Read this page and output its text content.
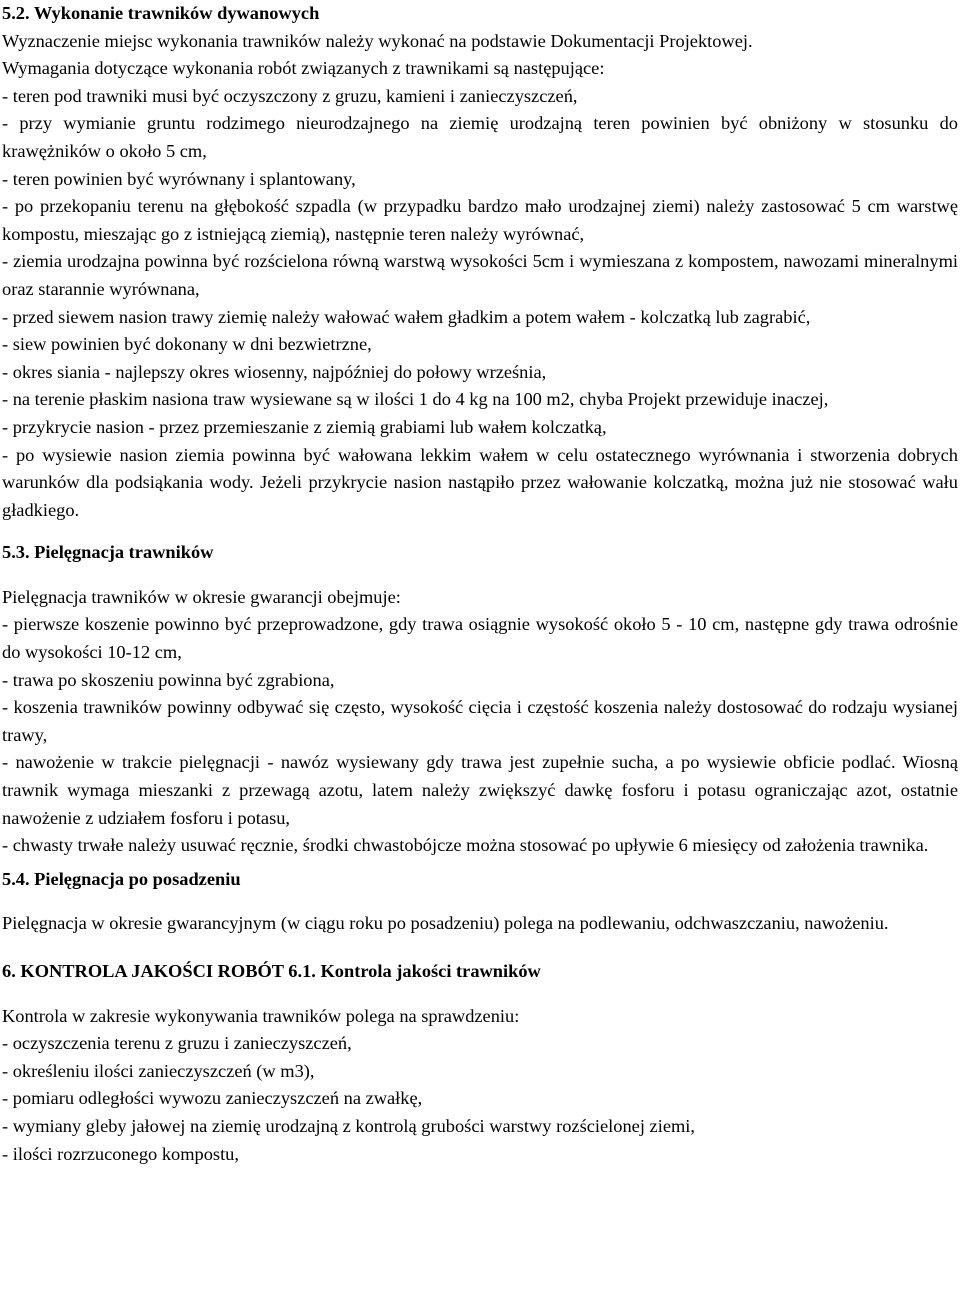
5.2. Wykonanie trawników dywanowych

Wyznaczenie miejsc wykonania trawników należy wykonać na podstawie Dokumentacji Projektowej.

Wymagania dotyczące wykonania robót związanych z trawnikami są następujące:

- teren pod trawniki musi być oczyszczony z gruzu, kamieni i zanieczyszczeń,

- przy wymianie gruntu rodzimego nieurodzajnego na ziemię urodzajną teren powinien być obniżony w stosunku do krawężników o około 5 cm,

- teren powinien być wyrównany i splantowany,

- po przekopaniu terenu na głębokość szpadla (w przypadku bardzo mało urodzajnej ziemi) należy zastosować 5 cm warstwę kompostu, mieszając go z istniejącą ziemią), następnie teren należy wyrównać,

- ziemia urodzajna powinna być rozścielona równą warstwą wysokości 5cm i wymieszana z kompostem, nawozami mineralnymi oraz starannie wyrównana,

- przed siewem nasion trawy ziemię należy wałować wałem gładkim a potem wałem - kolczatką lub zagrabić,

- siew powinien być dokonany w dni bezwietrzne,

- okres siania - najlepszy okres wiosenny, najpóźniej do połowy września,

- na terenie płaskim nasiona traw wysiewane są w ilości 1 do 4 kg na 100 m2, chyba Projekt przewiduje inaczej,

- przykrycie nasion - przez przemieszanie z ziemią grabiami lub wałem kolczatką,

- po wysiewie nasion ziemia powinna być wałowana lekkim wałem w celu ostatecznego wyrównania i stworzenia dobrych warunków dla podsiąkania wody. Jeżeli przykrycie nasion nastąpiło przez wałowanie kolczatką, można już nie stosować wału gładkiego.

5.3. Pielęgnacja trawników

Pielęgnacja trawników w okresie gwarancji obejmuje:

- pierwsze koszenie powinno być przeprowadzone, gdy trawa osiągnie wysokość około 5 - 10 cm, następne gdy trawa odrośnie do wysokości 10-12 cm,

- trawa po skoszeniu powinna być zgrabiona,

- koszenia trawników powinny odbywać się często, wysokość cięcia i częstość koszenia należy dostosować do rodzaju wysianej trawy,

- nawożenie w trakcie pielęgnacji - nawóz wysiewany gdy trawa jest zupełnie sucha, a po wysiewie obficie podlać. Wiosną trawnik wymaga mieszanki z przewagą azotu, latem należy zwiększyć dawkę fosforu i potasu ograniczając azot, ostatnie nawożenie z udziałem fosforu i potasu,

- chwasty trwałe należy usuwać ręcznie, środki chwastobójcze można stosować po upływie 6 miesięcy od założenia trawnika.

5.4. Pielęgnacja po posadzeniu

Pielęgnacja w okresie gwarancyjnym (w ciągu roku po posadzeniu) polega na podlewaniu, odchwaszczaniu, nawożeniu.

6. KONTROLA JAKOŚCI ROBÓT 6.1. Kontrola jakości trawników

Kontrola w zakresie wykonywania trawników polega na sprawdzeniu:

- oczyszczenia terenu z gruzu i zanieczyszczeń,

- określeniu ilości zanieczyszczeń (w m3),

- pomiaru odległości wywozu zanieczyszczeń na zwałkę,

- wymiany gleby jałowej na ziemię urodzajną z kontrolą grubości warstwy rozścielonej ziemi,

- ilości rozrzuconego kompostu,
